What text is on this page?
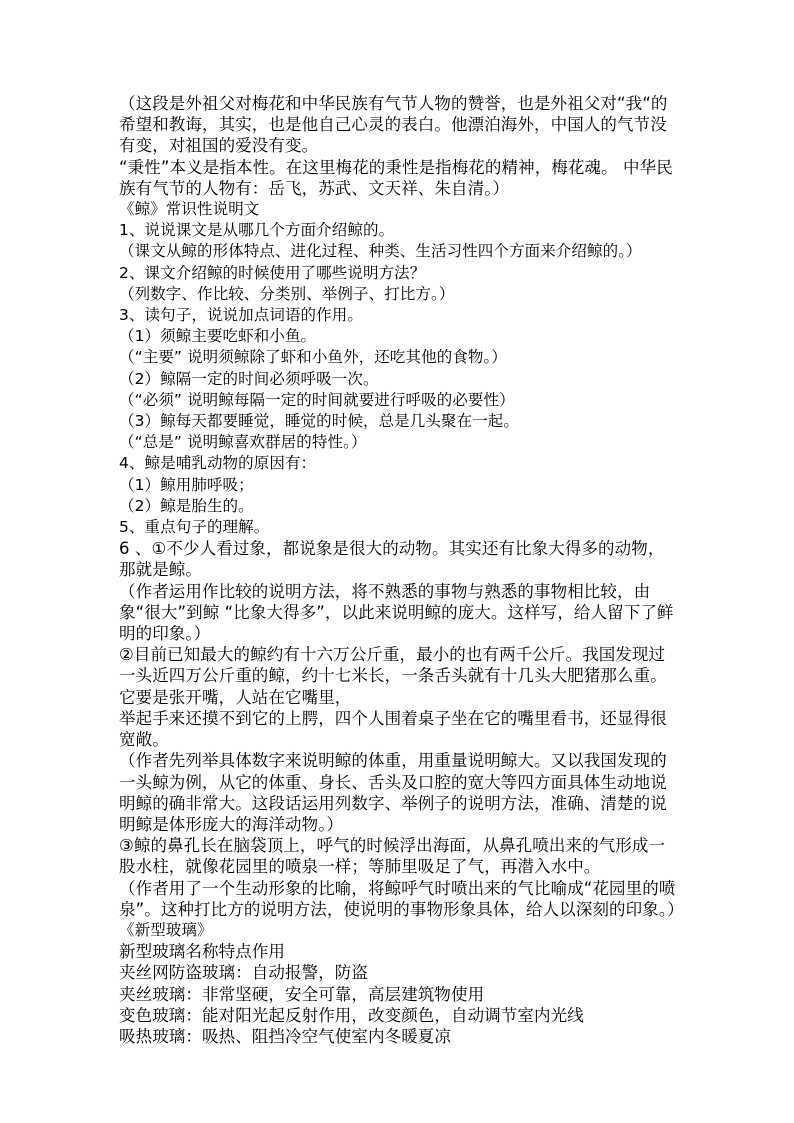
（这段是外祖父对梅花和中华民族有气节人物的赞誉，也是外祖父对“我“的希望和教诲，其实，也是他自己心灵的表白。他漂泊海外，中国人的气节没有变，对祖国的爱没有变。
“秉性”本义是指本性。在这里梅花的秉性是指梅花的精神，梅花魂。 中华民族有气节的人物有：岳飞，苏武、文天祥、朱自清。）
《鲸》常识性说明文
1、说说课文是从哪几个方面介绍鲸的。
（课文从鲸的形体特点、进化过程、种类、生活习性四个方面来介绍鲸的。）
2、课文介绍鲸的时候使用了哪些说明方法？
（列数字、作比较、分类别、举例子、打比方。）
3、读句子，说说加点词语的作用。
（1）须鲸主要吃虾和小鱼。
（“主要” 说明须鲸除了虾和小鱼外，还吃其他的食物。）
（2）鲸隔一定的时间必须呼吸一次。
（“必须” 说明鲸每隔一定的时间就要进行呼吸的必要性）
（3）鲸每天都要睡觉，睡觉的时候，总是几头聚在一起。
（“总是” 说明鲸喜欢群居的特性。）
4、鲸是哺乳动物的原因有：
（1）鲸用肺呼吸；
（2）鲸是胎生的。
5、重点句子的理解。
6 、①不少人看过象，都说象是很大的动物。其实还有比象大得多的动物，那就是鲸。
（作者运用作比较的说明方法，将不熟悉的事物与熟悉的事物相比较，由象“很大”到鲸 “比象大得多”，以此来说明鲸的庞大。这样写，给人留下了鲜明的印象。）
②目前已知最大的鲸约有十六万公斤重，最小的也有两千公斤。我国发现过一头近四万公斤重的鲸，约十七米长，一条舌头就有十几头大肥猪那么重。它要是张开嘴，人站在它嘴里，
举起手来还摸不到它的上腭，四个人围着桌子坐在它的嘴里看书，还显得很宽敞。
（作者先列举具体数字来说明鲸的体重，用重量说明鲸大。又以我国发现的一头鲸为例，从它的体重、身长、舌头及口腔的宽大等四方面具体生动地说明鲸的确非常大。这段话运用列数字、举例子的说明方法，准确、清楚的说明鲸是体形庞大的海洋动物。）
③鲸的鼻孔长在脑袋顶上，呼气的时候浮出海面，从鼻孔喷出来的气形成一股水柱，就像花园里的喷泉一样；等肺里吸足了气，再潜入水中。
（作者用了一个生动形象的比喻，将鲸呼气时喷出来的气比喻成“花园里的喷泉”。这种打比方的说明方法，使说明的事物形象具体，给人以深刻的印象。）
《新型玻璃》
新型玻璃名称特点作用
夹丝网防盗玻璃：自动报警，防盗
夹丝玻璃：非常坚硬，安全可靠，高层建筑物使用
变色玻璃：能对阳光起反射作用，改变颜色，自动调节室内光线
吸热玻璃：吸热、阻挡冷空气使室内冬暖夏凉
